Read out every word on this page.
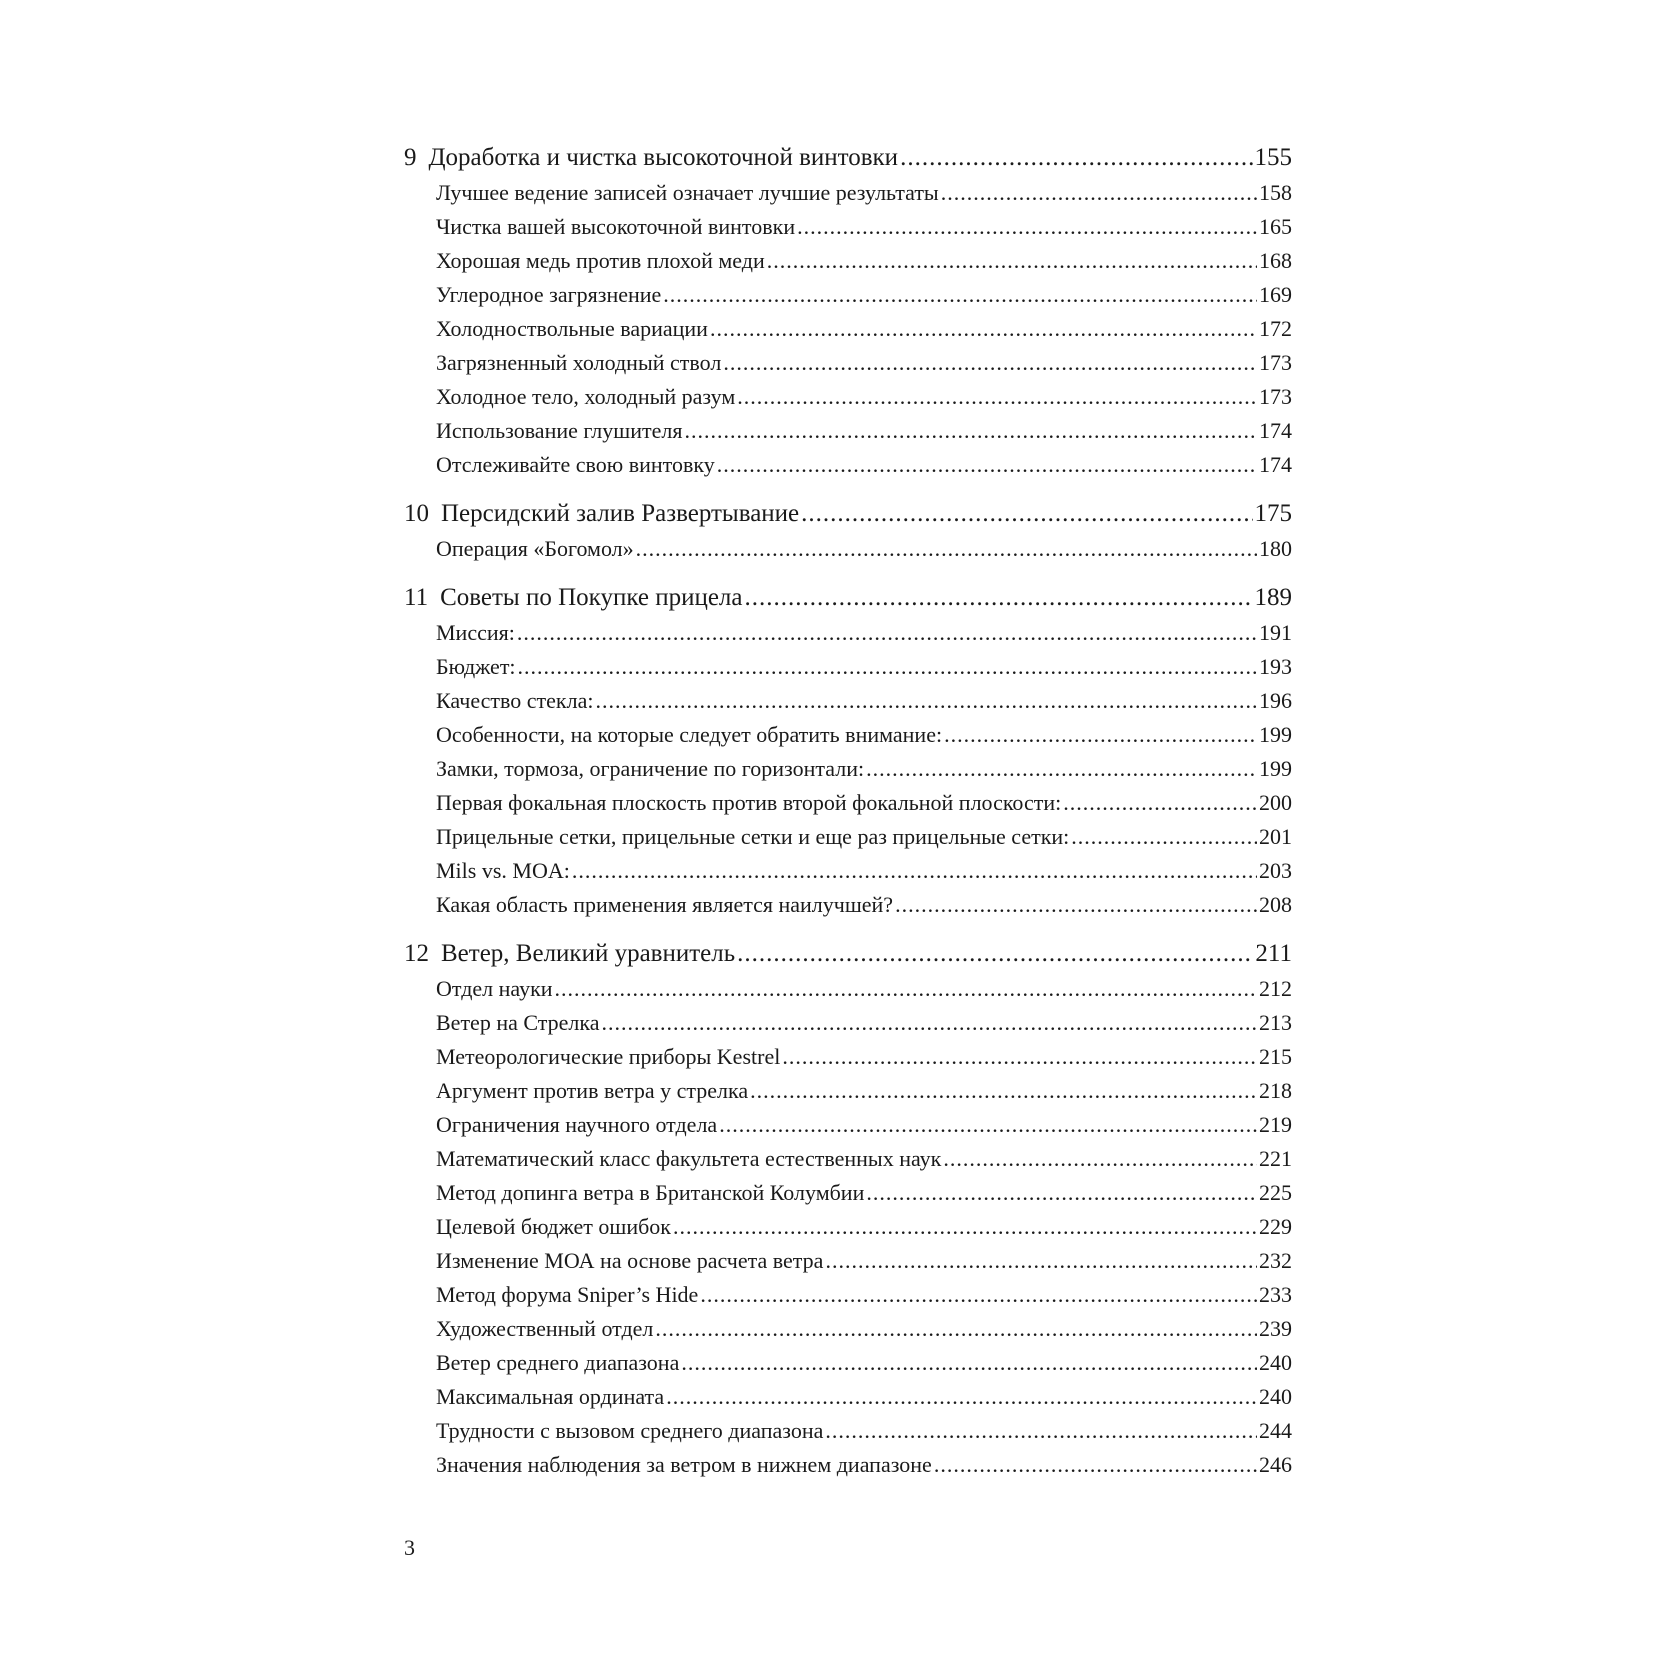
9 Доработка и чистка высокоточной винтовки .....	155
Лучшее ведение записей означает лучшие результаты .....	158
Чистка вашей высокоточной винтовки .....	165
Хорошая медь против плохой меди .....	168
Углеродное загрязнение .....	169
Холодноствольные вариации .....	172
Загрязненный холодный ствол .....	173
Холодное тело, холодный разум .....	173
Использование глушителя .....	174
Отслеживайте свою винтовку .....	174
10 Персидский залив Развертывание .....	175
Операция «Богомол» .....	180
11 Советы по Покупке прицела .....	189
Миссия: .....	191
Бюджет: .....	193
Качество стекла: .....	196
Особенности, на которые следует обратить внимание: .....	199
Замки, тормоза, ограничение по горизонтали: .....	199
Первая фокальная плоскость против второй фокальной плоскости: .....	200
Прицельные сетки, прицельные сетки и еще раз прицельные сетки: .....	201
Mils vs. MOA: .....	203
Какая область применения является наилучшей? .....	208
12 Ветер, Великий уравнитель .....	211
Отдел науки .....	212
Ветер на Стрелка .....	213
Метеорологические приборы Kestrel .....	215
Аргумент против ветра у стрелка .....	218
Ограничения научного отдела .....	219
Математический класс факультета естественных наук .....	221
Метод допинга ветра в Британской Колумбии .....	225
Целевой бюджет ошибок .....	229
Изменение МОА на основе расчета ветра .....	232
Метод форума Sniper’s Hide .....	233
Художественный отдел .....	239
Ветер среднего диапазона .....	240
Максимальная ордината .....	240
Трудности с вызовом среднего диапазона .....	244
Значения наблюдения за ветром в нижнем диапазоне .....	246
3
